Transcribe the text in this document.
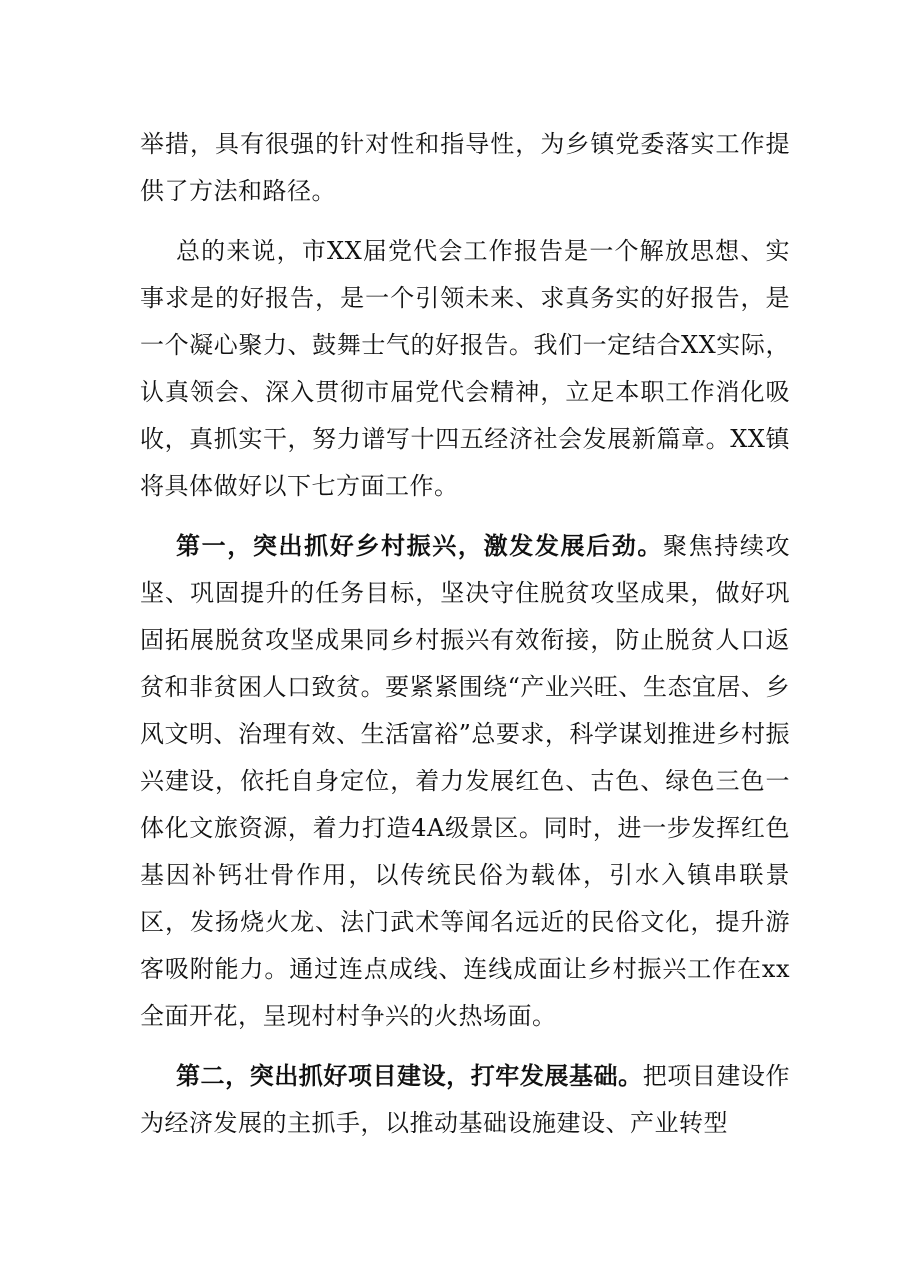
举措，具有很强的针对性和指导性，为乡镇党委落实工作提供了方法和路径。

总的来说，市XX届党代会工作报告是一个解放思想、实事求是的好报告，是一个引领未来、求真务实的好报告，是一个凝心聚力、鼓舞士气的好报告。我们一定结合XX实际，认真领会、深入贯彻市届党代会精神，立足本职工作消化吸收，真抓实干，努力谱写十四五经济社会发展新篇章。XX镇将具体做好以下七方面工作。

第一，突出抓好乡村振兴，激发发展后劲。聚焦持续攻坚、巩固提升的任务目标，坚决守住脱贫攻坚成果，做好巩固拓展脱贫攻坚成果同乡村振兴有效衔接，防止脱贫人口返贫和非贫困人口致贫。要紧紧围绕“产业兴旺、生态宜居、乡风文明、治理有效、生活富裕”总要求，科学谋划推进乡村振兴建设，依托自身定位，着力发展红色、古色、绿色三色一体化文旅资源，着力打造4A级景区。同时，进一步发挥红色基因补钙壮骨作用，以传统民俗为载体，引水入镇串联景区，发扬烧火龙、法门武术等闻名远近的民俗文化，提升游客吸附能力。通过连点成线、连线成面让乡村振兴工作在xx全面开花，呈现村村争兴的火热场面。

第二，突出抓好项目建设，打牢发展基础。把项目建设作为经济发展的主抓手，以推动基础设施建设、产业转型
